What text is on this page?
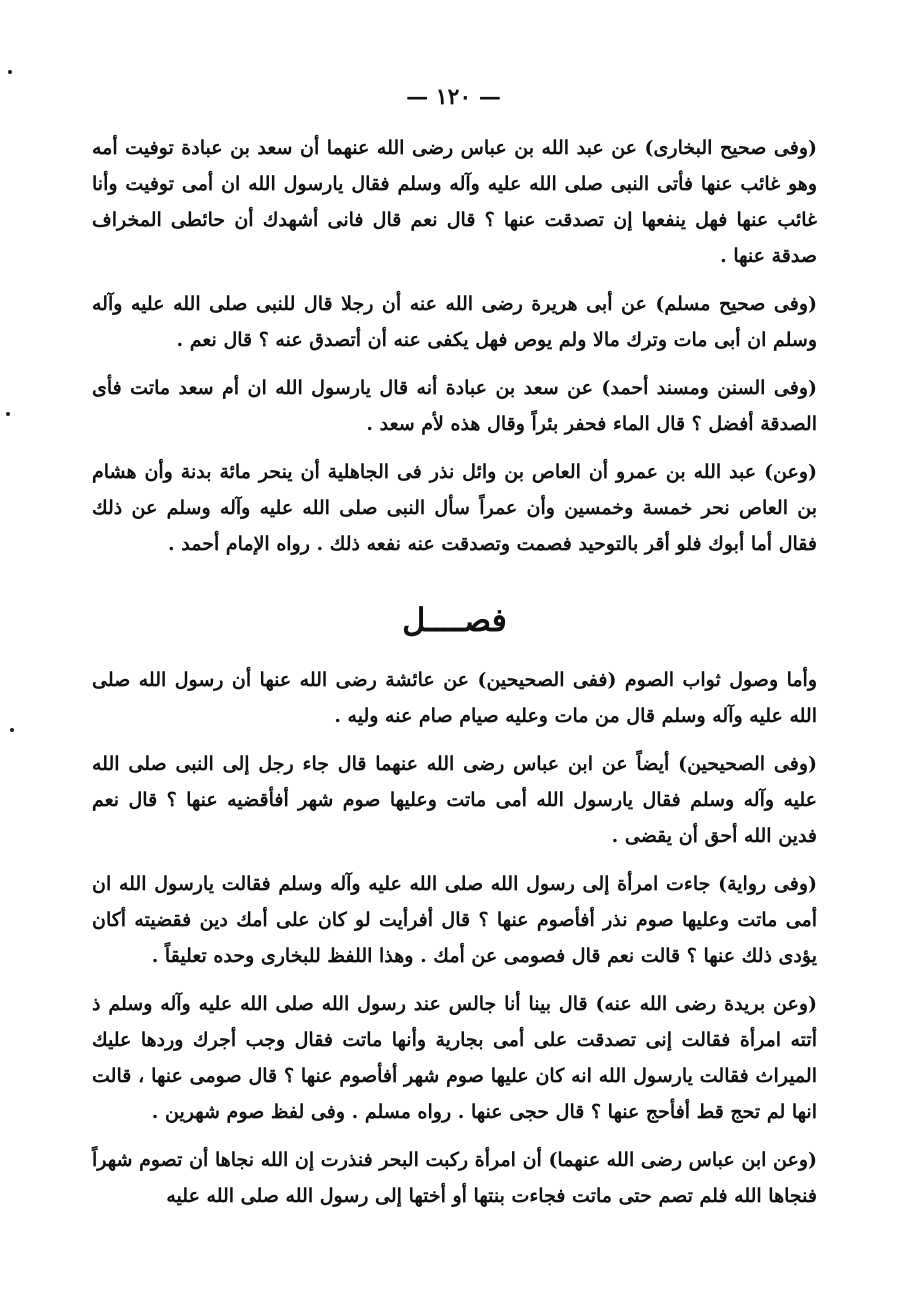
— ١٢٠ —

(وفى صحيح البخارى) عن عبد الله بن عباس رضى الله عنهما أن سعد بن عبادة توفيت أمه وهو غائب عنها فأتى النبى صلى الله عليه وآله وسلم فقال يارسول الله ان أمى توفيت وأنا غائب عنها فهل ينفعها إن تصدقت عنها ؟ قال نعم قال فانى أشهدك أن حائطى المخراف صدقة عنها .

(وفى صحيح مسلم) عن أبى هريرة رضى الله عنه أن رجلا قال للنبى صلى الله عليه وآله وسلم ان أبى مات وترك مالا ولم يوص فهل يكفى عنه أن أتصدق عنه ؟ قال نعم .

(وفى السنن ومسند أحمد) عن سعد بن عبادة أنه قال يارسول الله ان أم سعد ماتت فأى الصدقة أفضل ؟ قال الماء فحفر بئراً وقال هذه لأم سعد .

(وعن) عبد الله بن عمرو أن العاص بن وائل نذر فى الجاهلية أن ينحر مائة بدنة وأن هشام بن العاص نحر خمسة وخمسين وأن عمراً سأل النبى صلى الله عليه وآله وسلم عن ذلك فقال أما أبوك فلو أقر بالتوحيد فصمت وتصدقت عنه نفعه ذلك . رواه الإمام أحمد .

فصــــل

وأما وصول ثواب الصوم (ففى الصحيحين) عن عائشة رضى الله عنها أن رسول الله صلى الله عليه وآله وسلم قال من مات وعليه صيام صام عنه وليه .

(وفى الصحيحين) أيضاً عن ابن عباس رضى الله عنهما قال جاء رجل إلى النبى صلى الله عليه وآله وسلم فقال يارسول الله أمى ماتت وعليها صوم شهر أفأقضيه عنها ؟ قال نعم فدين الله أحق أن يقضى .

(وفى رواية) جاءت امرأة إلى رسول الله صلى الله عليه وآله وسلم فقالت يارسول الله ان أمى ماتت وعليها صوم نذر أفأصوم عنها ؟ قال أفرأيت لو كان على أمك دين فقضيته أكان يؤدى ذلك عنها ؟ قالت نعم قال فصومى عن أمك . وهذا اللفظ للبخارى وحده تعليقاً .

(وعن بريدة رضى الله عنه) قال بينا أنا جالس عند رسول الله صلى الله عليه وآله وسلم ذ أتته امرأة فقالت إنى تصدقت على أمى بجارية وأنها ماتت فقال وجب أجرك وردها عليك الميراث فقالت يارسول الله انه كان عليها صوم شهر أفأصوم عنها ؟ قال صومى عنها ، قالت انها لم تحج قط أفأحج عنها ؟ قال حجى عنها . رواه مسلم . وفى لفظ صوم شهرين .

(وعن ابن عباس رضى الله عنهما) أن امرأة ركبت البحر فنذرت إن الله نجاها أن تصوم شهراً فنجاها الله فلم تصم حتى ماتت فجاءت بنتها أو أختها إلى رسول الله صلى الله عليه
